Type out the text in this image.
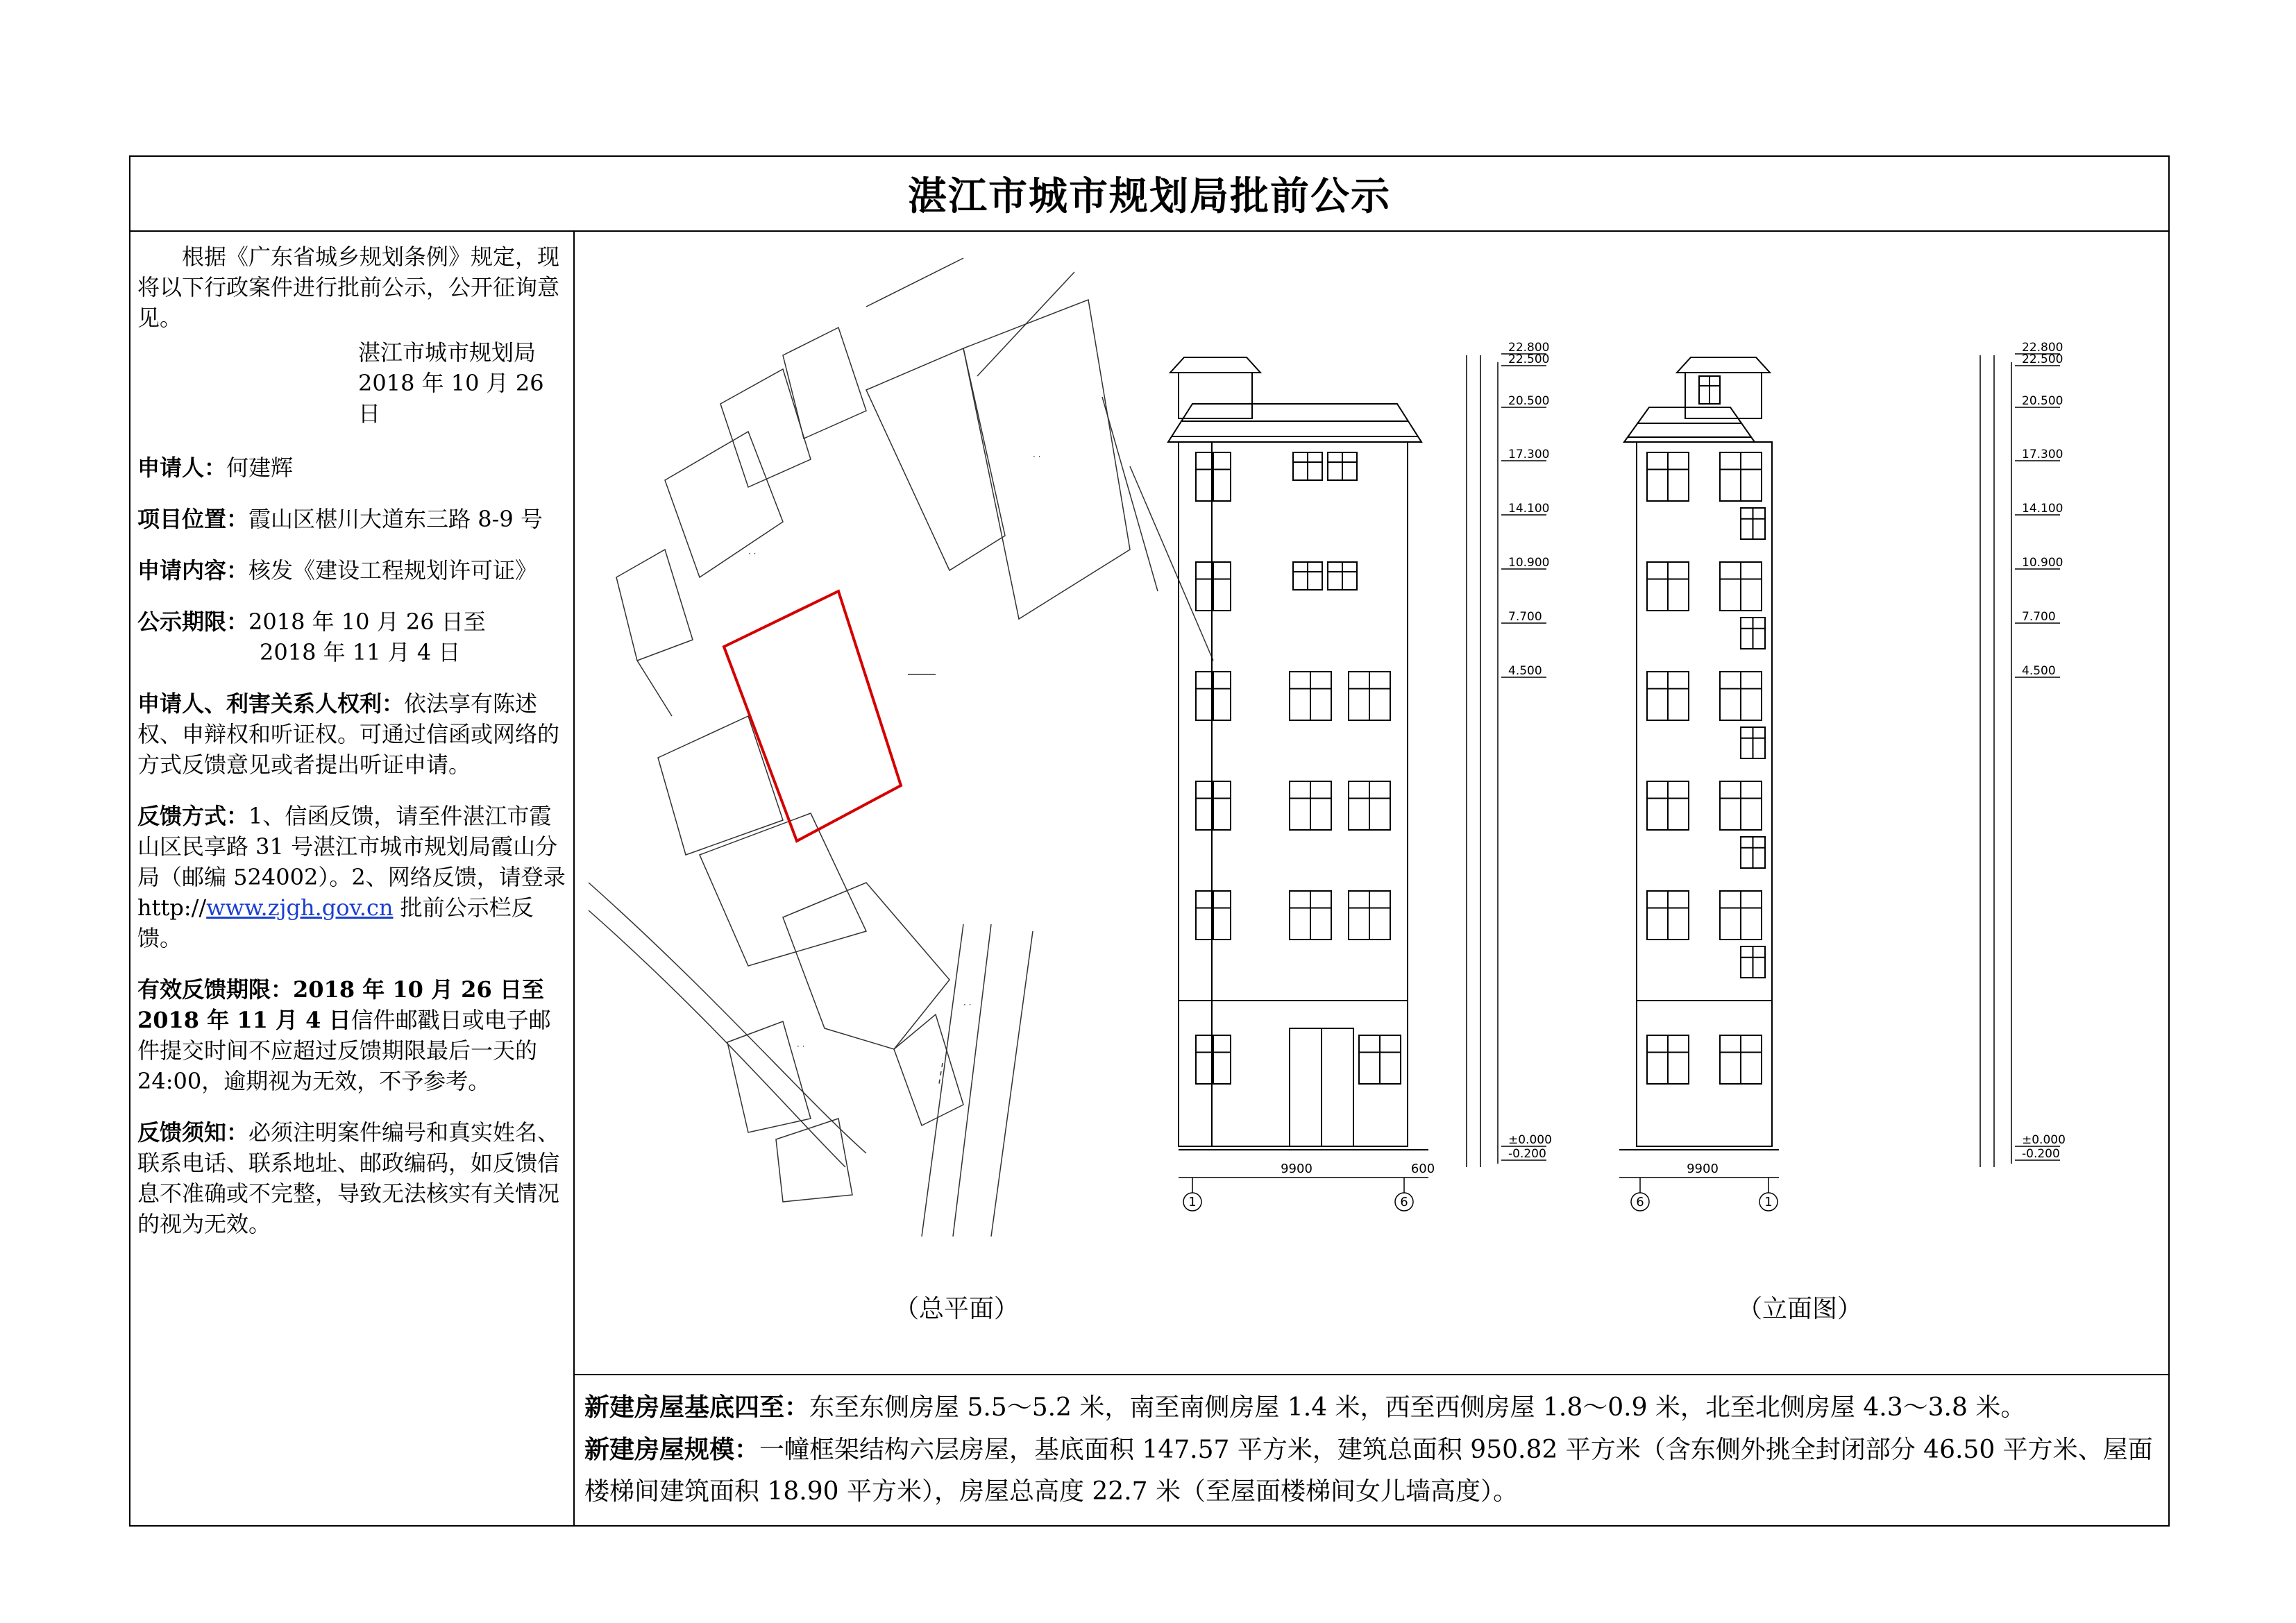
湛江市城市规划局批前公示

根据《广东省城乡规划条例》规定，现将以下行政案件进行批前公示，公开征询意见。

湛江市城市规划局

2018 年 10 月 26 日

申请人：何建辉

项目位置：霞山区椹川大道东三路 8-9 号

申请内容：核发《建设工程规划许可证》

公示期限：2018 年 10 月 26 日至
2018 年 11 月 4 日

申请人、利害关系人权利：依法享有陈述权、申辩权和听证权。可通过信函或网络的方式反馈意见或者提出听证申请。

反馈方式：1、信函反馈，请至件湛江市霞山区民享路 31 号湛江市城市规划局霞山分局（邮编 524002）。2、网络反馈，请登录 http://www.zjgh.gov.cn 批前公示栏反馈。

有效反馈期限：2018 年 10 月 26 日至 2018 年 11 月 4 日信件邮戳日或电子邮件提交时间不应超过反馈期限最后一天的 24:00，逾期视为无效，不予参考。

反馈须知：必须注明案件编号和真实姓名、联系电话、联系地址、邮政编码，如反馈信息不准确或不完整，导致无法核实有关情况的视为无效。

· ·
· ·
· ·
· ·
22.800
22.500
20.500
17.300
14.100
10.900
7.700
4.500
±0.000
-0.200
9900	600
1	6
22.800
22.500
20.500
17.300
14.100
10.900
7.700
4.500
±0.000
-0.200
9900
6	1
（总平面）	（立面图）

新建房屋基底四至：东至东侧房屋 5.5～5.2 米，南至南侧房屋 1.4 米，西至西侧房屋 1.8～0.9 米，北至北侧房屋 4.3～3.8 米。

新建房屋规模：一幢框架结构六层房屋，基底面积 147.57 平方米，建筑总面积 950.82 平方米（含东侧外挑全封闭部分 46.50 平方米、屋面楼梯间建筑面积 18.90 平方米），房屋总高度 22.7 米（至屋面楼梯间女儿墙高度）。
